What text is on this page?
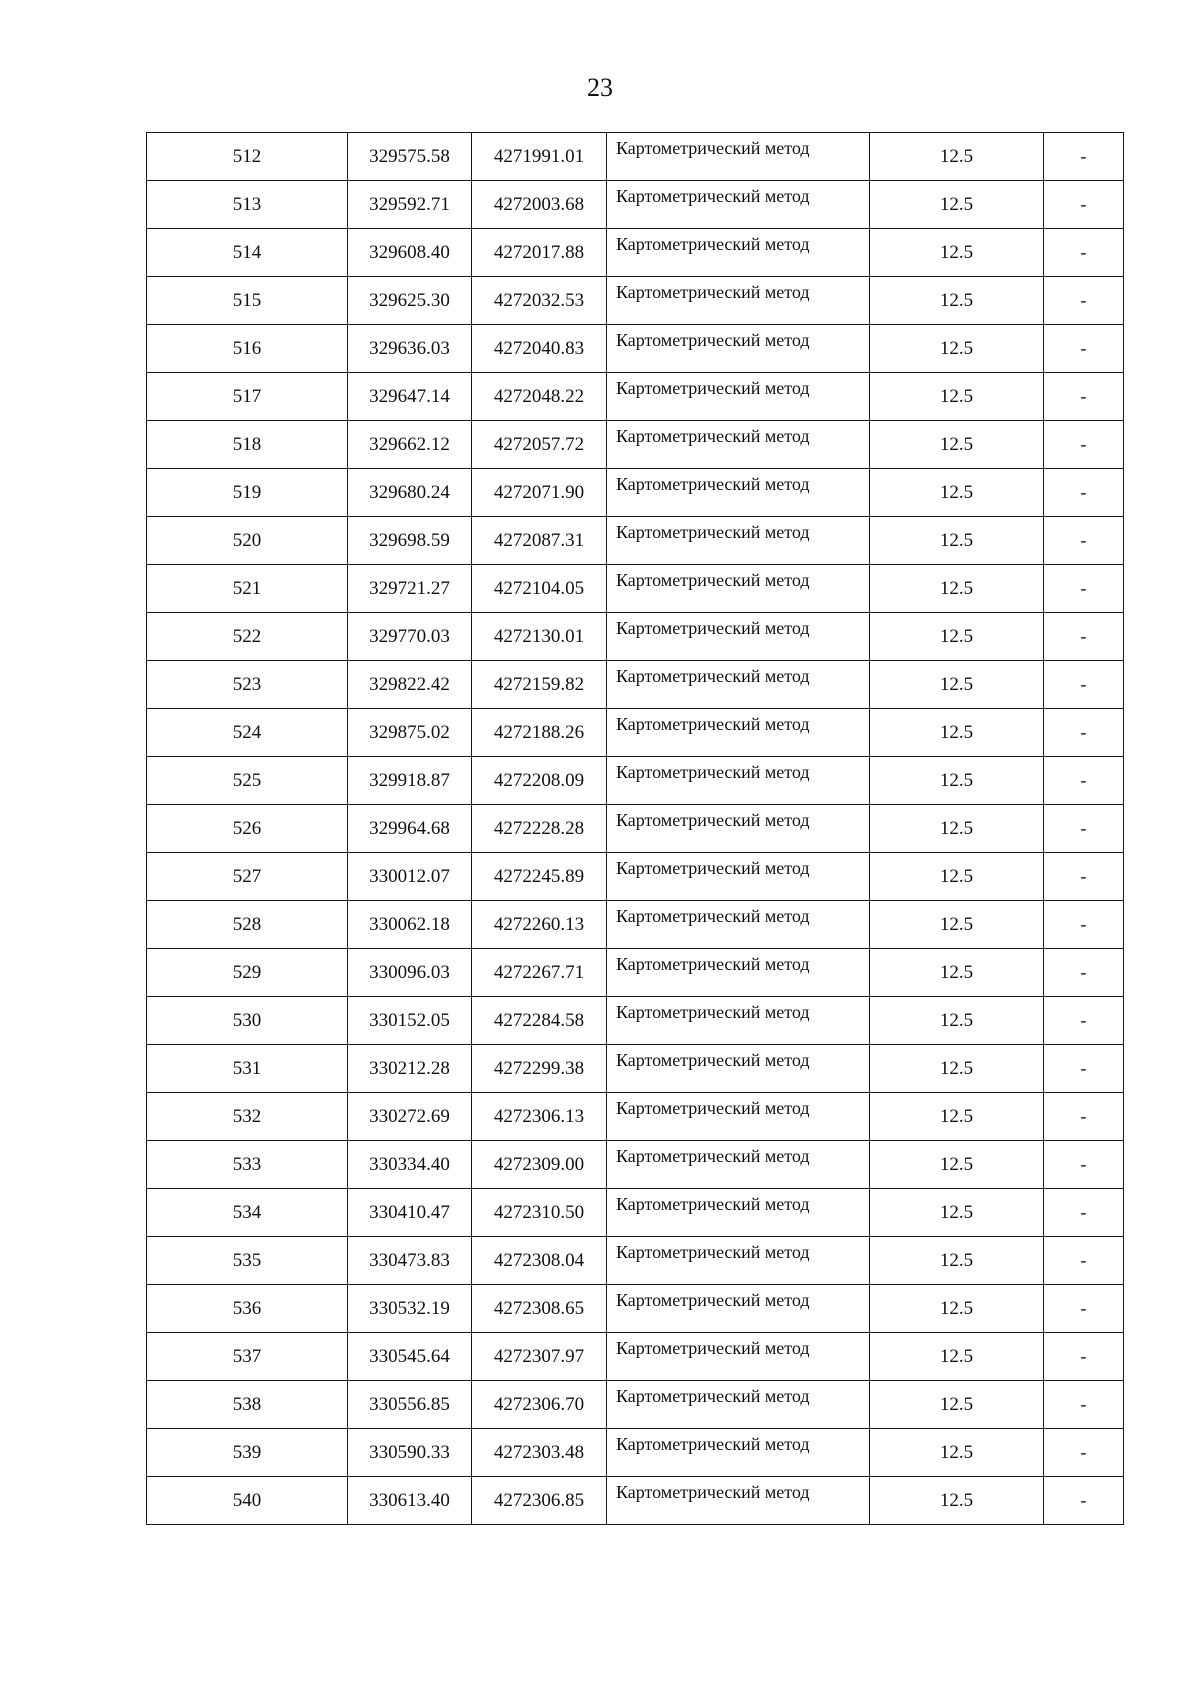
23
512	329575.58	4271991.01	Картометрический метод	12.5	-
513	329592.71	4272003.68	Картометрический метод	12.5	-
514	329608.40	4272017.88	Картометрический метод	12.5	-
515	329625.30	4272032.53	Картометрический метод	12.5	-
516	329636.03	4272040.83	Картометрический метод	12.5	-
517	329647.14	4272048.22	Картометрический метод	12.5	-
518	329662.12	4272057.72	Картометрический метод	12.5	-
519	329680.24	4272071.90	Картометрический метод	12.5	-
520	329698.59	4272087.31	Картометрический метод	12.5	-
521	329721.27	4272104.05	Картометрический метод	12.5	-
522	329770.03	4272130.01	Картометрический метод	12.5	-
523	329822.42	4272159.82	Картометрический метод	12.5	-
524	329875.02	4272188.26	Картометрический метод	12.5	-
525	329918.87	4272208.09	Картометрический метод	12.5	-
526	329964.68	4272228.28	Картометрический метод	12.5	-
527	330012.07	4272245.89	Картометрический метод	12.5	-
528	330062.18	4272260.13	Картометрический метод	12.5	-
529	330096.03	4272267.71	Картометрический метод	12.5	-
530	330152.05	4272284.58	Картометрический метод	12.5	-
531	330212.28	4272299.38	Картометрический метод	12.5	-
532	330272.69	4272306.13	Картометрический метод	12.5	-
533	330334.40	4272309.00	Картометрический метод	12.5	-
534	330410.47	4272310.50	Картометрический метод	12.5	-
535	330473.83	4272308.04	Картометрический метод	12.5	-
536	330532.19	4272308.65	Картометрический метод	12.5	-
537	330545.64	4272307.97	Картометрический метод	12.5	-
538	330556.85	4272306.70	Картометрический метод	12.5	-
539	330590.33	4272303.48	Картометрический метод	12.5	-
540	330613.40	4272306.85	Картометрический метод	12.5	-
